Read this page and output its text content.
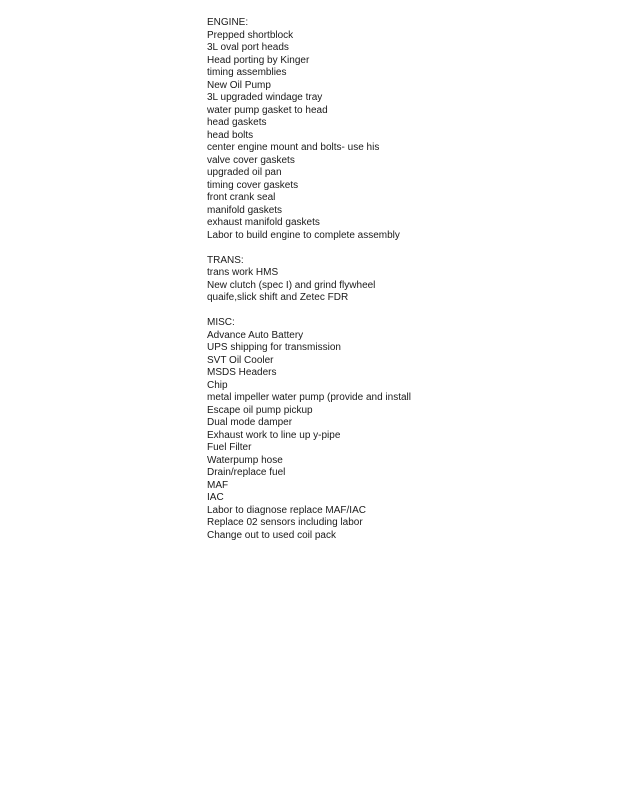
ENGINE:
Prepped shortblock
3L oval port heads
Head porting by Kinger
timing assemblies
New Oil Pump
3L upgraded windage tray
water pump gasket to head
head gaskets
head bolts
center engine mount and bolts- use his
valve cover gaskets
upgraded oil pan
timing cover gaskets
front crank seal
manifold gaskets
exhaust manifold gaskets
Labor to build engine to complete assembly
TRANS:
trans work HMS
New clutch (spec I) and grind flywheel
quaife,slick shift and Zetec FDR
MISC:
Advance Auto Battery
UPS shipping for transmission
SVT Oil Cooler
MSDS Headers
Chip
metal impeller water pump (provide and install
Escape oil pump pickup
Dual mode damper
Exhaust work to line up y-pipe
Fuel Filter
Waterpump hose
Drain/replace fuel
MAF
IAC
Labor to diagnose replace MAF/IAC
Replace 02 sensors including labor
Change out to used coil pack
